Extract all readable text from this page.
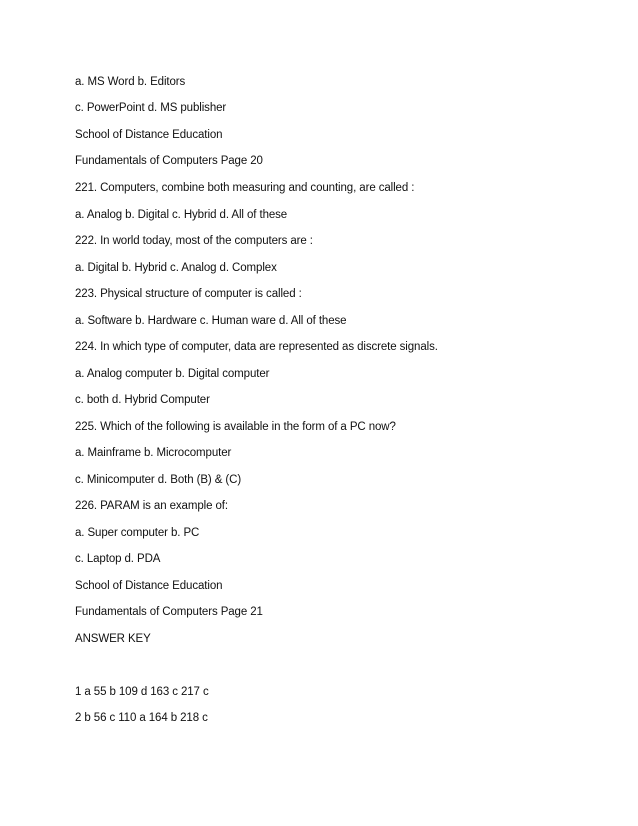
a. MS Word b. Editors
c. PowerPoint d. MS publisher
School of Distance Education
Fundamentals of Computers Page 20
221. Computers, combine both measuring and counting, are called :
a. Analog b. Digital c. Hybrid d. All of these
222. In world today, most of the computers are :
a. Digital b. Hybrid c. Analog d. Complex
223. Physical structure of computer is called :
a. Software b. Hardware c. Human ware d. All of these
224. In which type of computer, data are represented as discrete signals.
a. Analog computer b. Digital computer
c. both d. Hybrid Computer
225. Which of the following is available in the form of a PC now?
a. Mainframe b. Microcomputer
c. Minicomputer d. Both (B) & (C)
226. PARAM is an example of:
a. Super computer b. PC
c. Laptop d. PDA
School of Distance Education
Fundamentals of Computers Page 21
ANSWER KEY
1 a 55 b 109 d 163 c 217 c
2 b 56 c 110 a 164 b 218 c
